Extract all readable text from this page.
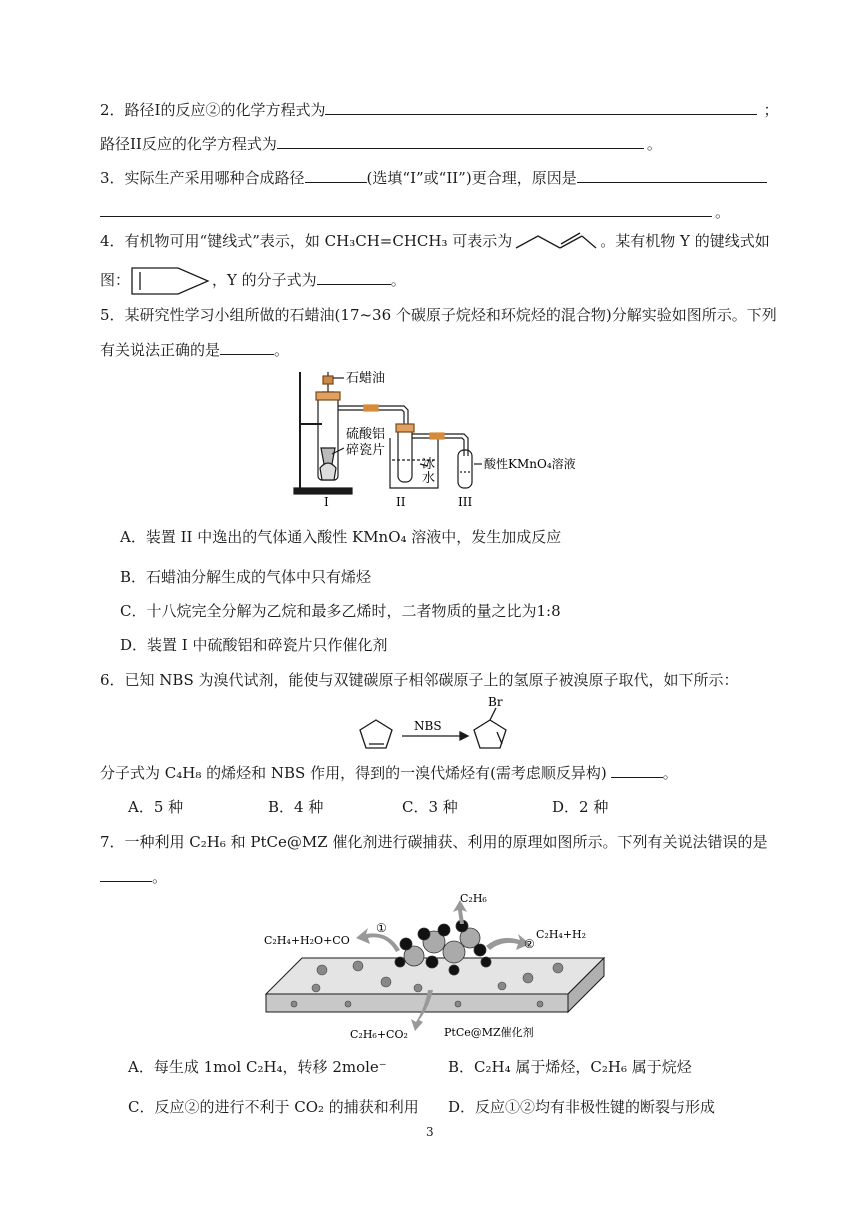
2．路径I的反应②的化学方程式为	；
路径II反应的化学方程式为	。
3．实际生产采用哪种合成路径	(选填“I”或“II”)更合理，原因是
。
4．有机物可用“键线式”表示，如 CH₃CH=CHCH₃ 可表示为	。某有机物 Y 的键线式如
图：	，Y 的分子式为	。
5．某研究性学习小组所做的石蜡油(17~36 个碳原子烷烃和环烷烃的混合物)分解实验如图所示。下列
有关说法正确的是	。
石蜡油
硫酸铝
碎瓷片
冰
水
酸性KMnO₄溶液
I	II	III
A．装置 II 中逸出的气体通入酸性 KMnO₄ 溶液中，发生加成反应
B．石蜡油分解生成的气体中只有烯烃
C．十八烷完全分解为乙烷和最多乙烯时，二者物质的量之比为1:8
D．装置 I 中硫酸铝和碎瓷片只作催化剂
6．已知 NBS 为溴代试剂，能使与双键碳原子相邻碳原子上的氢原子被溴原子取代，如下所示：
NBS
Br
分子式为 C₄H₈ 的烯烃和 NBS 作用，得到的一溴代烯烃有(需考虑顺反异构)	。
A．5 种	B．4 种	C．3 种	D．2 种
7．一种利用 C₂H₆ 和 PtCe@MZ 催化剂进行碳捕获、利用的原理如图所示。下列有关说法错误的是
。
C₂H₆
①
②
C₂H₄+H₂O+CO	C₂H₄+H₂
C₂H₆+CO₂	PtCe@MZ催化剂
A．每生成 1mol C₂H₄，转移 2mole⁻	B．C₂H₄ 属于烯烃，C₂H₆ 属于烷烃
C．反应②的进行不利于 CO₂ 的捕获和利用 D．反应①②均有非极性键的断裂与形成
3
